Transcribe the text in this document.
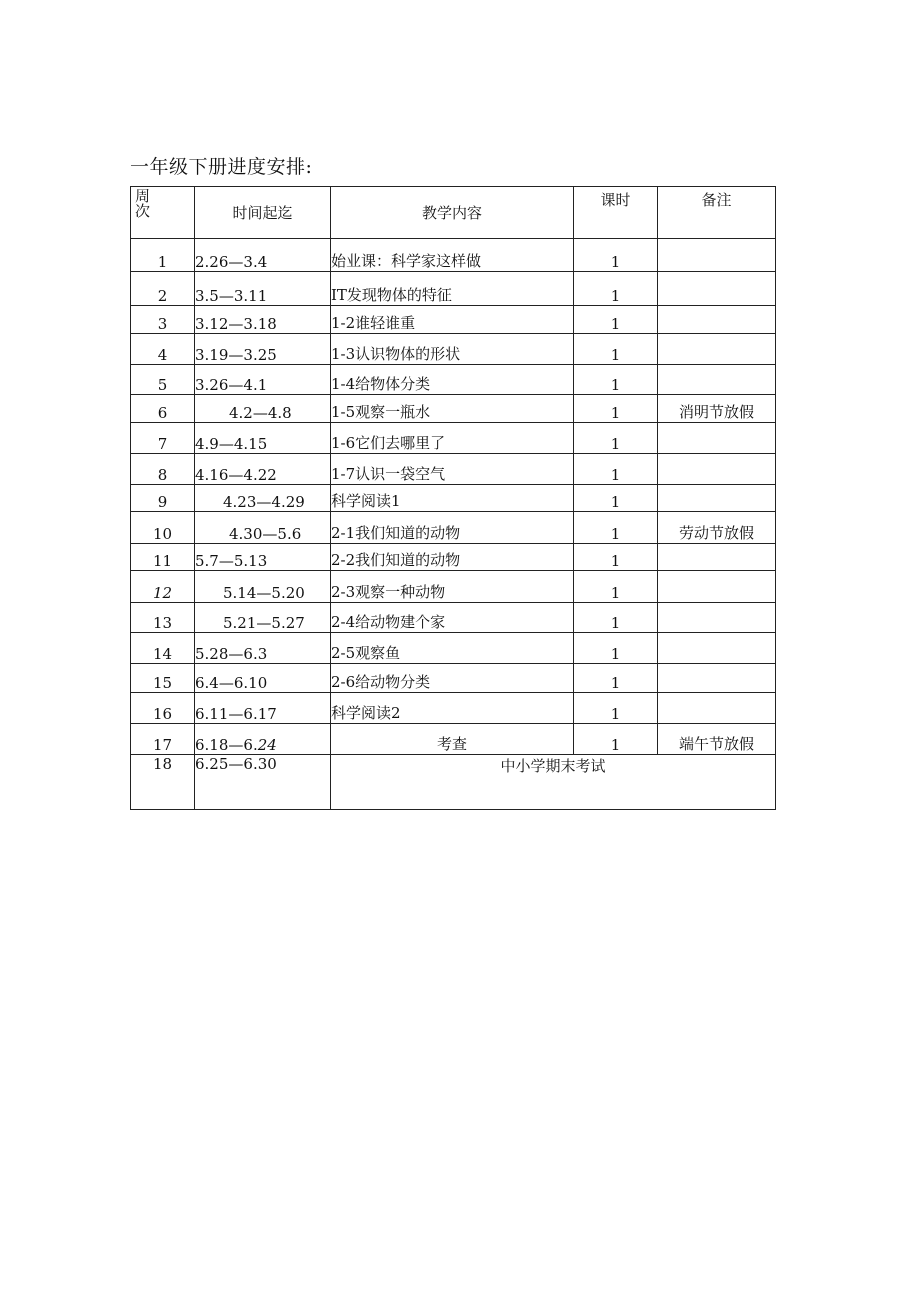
一年级下册进度安排:
周
次	时间起迄	教学内容	课时	备注
1	2.26—3.4	始业课：科学家这样做	1	
2	3.5—3.11	IT发现物体的特征	1	
3	3.12—3.18	1-2谁轻谁重	1	
4	3.19—3.25	1-3认识物体的形状	1	
5	3.26—4.1	1-4给物体分类	1	
6	4.2—4.8	1-5观察一瓶水	1	消明节放假
7	4.9—4.15	1-6它们去哪里了	1	
8	4.16—4.22	1-7认识一袋空气	1	
9	4.23—4.29	科学阅读1	1	
10	4.30—5.6	2-1我们知道的动物	1	劳动节放假
11	5.7—5.13	2-2我们知道的动物	1	
12	5.14—5.20	2-3观察一种动物	1	
13	5.21—5.27	2-4给动物建个家	1	
14	5.28—6.3	2-5观察鱼	1	
15	6.4—6.10	2-6给动物分类	1	
16	6.11—6.17	科学阅读2	1	
17	6.18—6.24	考查	1	端午节放假
18	6.25—6.30	中小学期末考试		
